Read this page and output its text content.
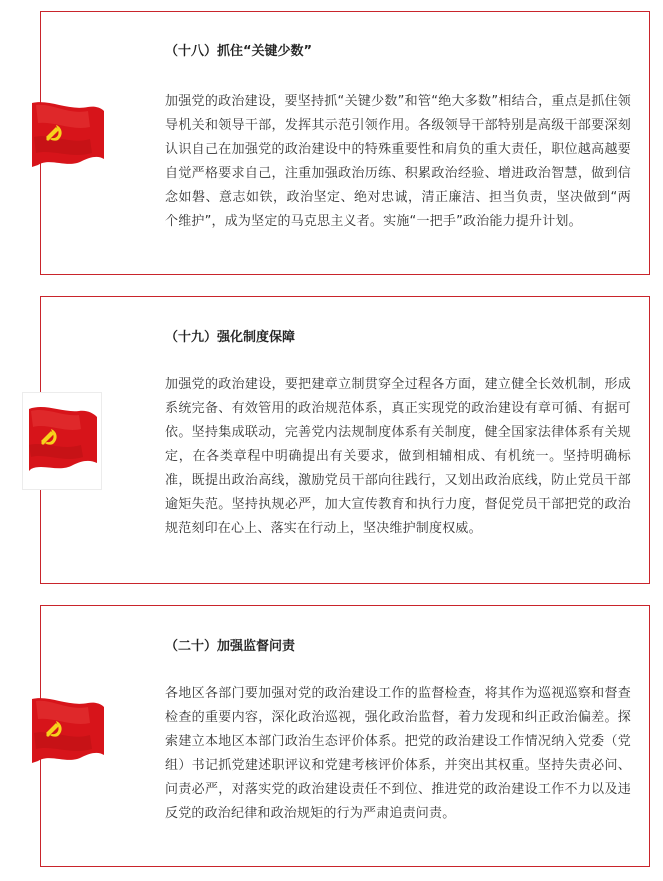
（十八）抓住“关键少数”
加强党的政治建设，要坚持抓“关键少数”和管“绝大多数”相结合，重点是抓住领导机关和领导干部，发挥其示范引领作用。各级领导干部特别是高级干部要深刻认识自己在加强党的政治建设中的特殊重要性和肩负的重大责任，职位越高越要自觉严格要求自己，注重加强政治历练、积累政治经验、增进政治智慧，做到信念如磐、意志如铁，政治坚定、绝对忠诚，清正廉洁、担当负责，坚决做到“两个维护”，成为坚定的马克思主义者。实施“一把手”政治能力提升计划。
（十九）强化制度保障
加强党的政治建设，要把建章立制贯穿全过程各方面，建立健全长效机制，形成系统完备、有效管用的政治规范体系，真正实现党的政治建设有章可循、有据可依。坚持集成联动，完善党内法规制度体系有关制度，健全国家法律体系有关规定，在各类章程中明确提出有关要求，做到相辅相成、有机统一。坚持明确标准，既提出政治高线，激励党员干部向往践行，又划出政治底线，防止党员干部逾矩失范。坚持执规必严，加大宣传教育和执行力度，督促党员干部把党的政治规范刻印在心上、落实在行动上，坚决维护制度权威。
（二十）加强监督问责
各地区各部门要加强对党的政治建设工作的监督检查，将其作为巡视巡察和督查检查的重要内容，深化政治巡视，强化政治监督，着力发现和纠正政治偏差。探索建立本地区本部门政治生态评价体系。把党的政治建设工作情况纳入党委（党组）书记抓党建述职评议和党建考核评价体系，并突出其权重。坚持失责必问、问责必严，对落实党的政治建设责任不到位、推进党的政治建设工作不力以及违反党的政治纪律和政治规矩的行为严肃追责问责。
